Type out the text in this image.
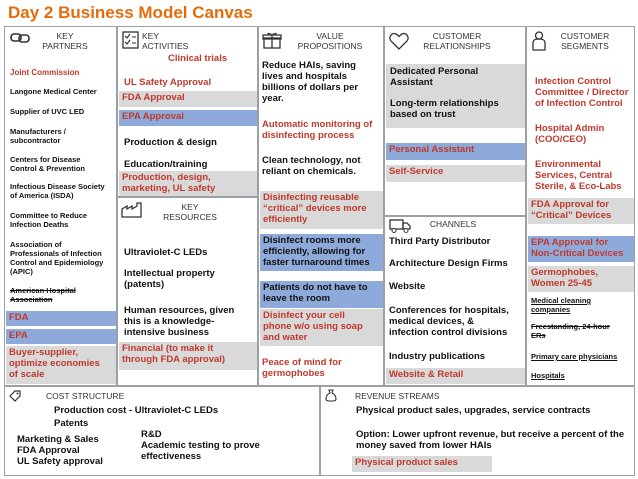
Day 2 Business Model Canvas
KEY
PARTNERS
Joint Commission
Langone Medical Center
Supplier of UVC LED
Manufacturers /
subcontractor
Centers for Disease
Control & Prevention
Infectious Disease Society
of America (ISDA)
Committee to Reduce
Infection Deaths
Association of
Professionals of Infection
Control and Epidemiology
(APIC)
American Hospital
Association
FDA
EPA
Buyer-supplier,
optimize economies
of scale
KEY
ACTIVITIES
Clinical trials
UL Safety Approval
FDA Approval
EPA Approval
Production & design
Education/training
Production, design,
marketing, UL safety
KEY
RESOURCES
Ultraviolet-C LEDs
Intellectual property
(patents)
Human resources, given
this is a knowledge-
intensive business
Financial (to make it
through FDA approval)
VALUE
PROPOSITIONS
Reduce HAIs, saving
lives and hospitals
billions of dollars per
year.
Automatic monitoring of
disinfecting process
Clean technology, not
reliant on chemicals.
Disinfecting reusable
“critical” devices more
efficiently
Disinfect rooms more
efficiently, allowing for
faster turnaround times
Patients do not have to
leave the room
Disinfect your cell
phone w/o using soap
and water
Peace of mind for
germophobes
CUSTOMER
RELATIONSHIPS
Dedicated Personal
Assistant
Long-term relationships
based on trust
Personal Assistant
Self-Service
CHANNELS
Third Party Distributor
Architecture Design Firms
Website
Conferences for hospitals,
medical devices, &
infection control divisions
Industry publications
Website & Retail
CUSTOMER
SEGMENTS
Infection Control
Committee / Director
of Infection Control
Hospital Admin
(COO/CEO)
Environmental
Services, Central
Sterile, & Eco-Labs
FDA Approval for
“Critical” Devices
EPA Approval for
Non-Critical Devices
Germophobes,
Women 25-45
Medical cleaning
companies
Freestanding, 24-hour
ERs
Primary care physicians
Hospitals
COST STRUCTURE
Production cost - Ultraviolet-C LEDs
Patents
Marketing & Sales
FDA Approval
UL Safety approval
R&D
Academic testing to prove
effectiveness
REVENUE STREAMS
Physical product sales, upgrades, service contracts
Option: Lower upfront revenue, but receive a percent of the
money saved from lower HAIs
Physical product sales
